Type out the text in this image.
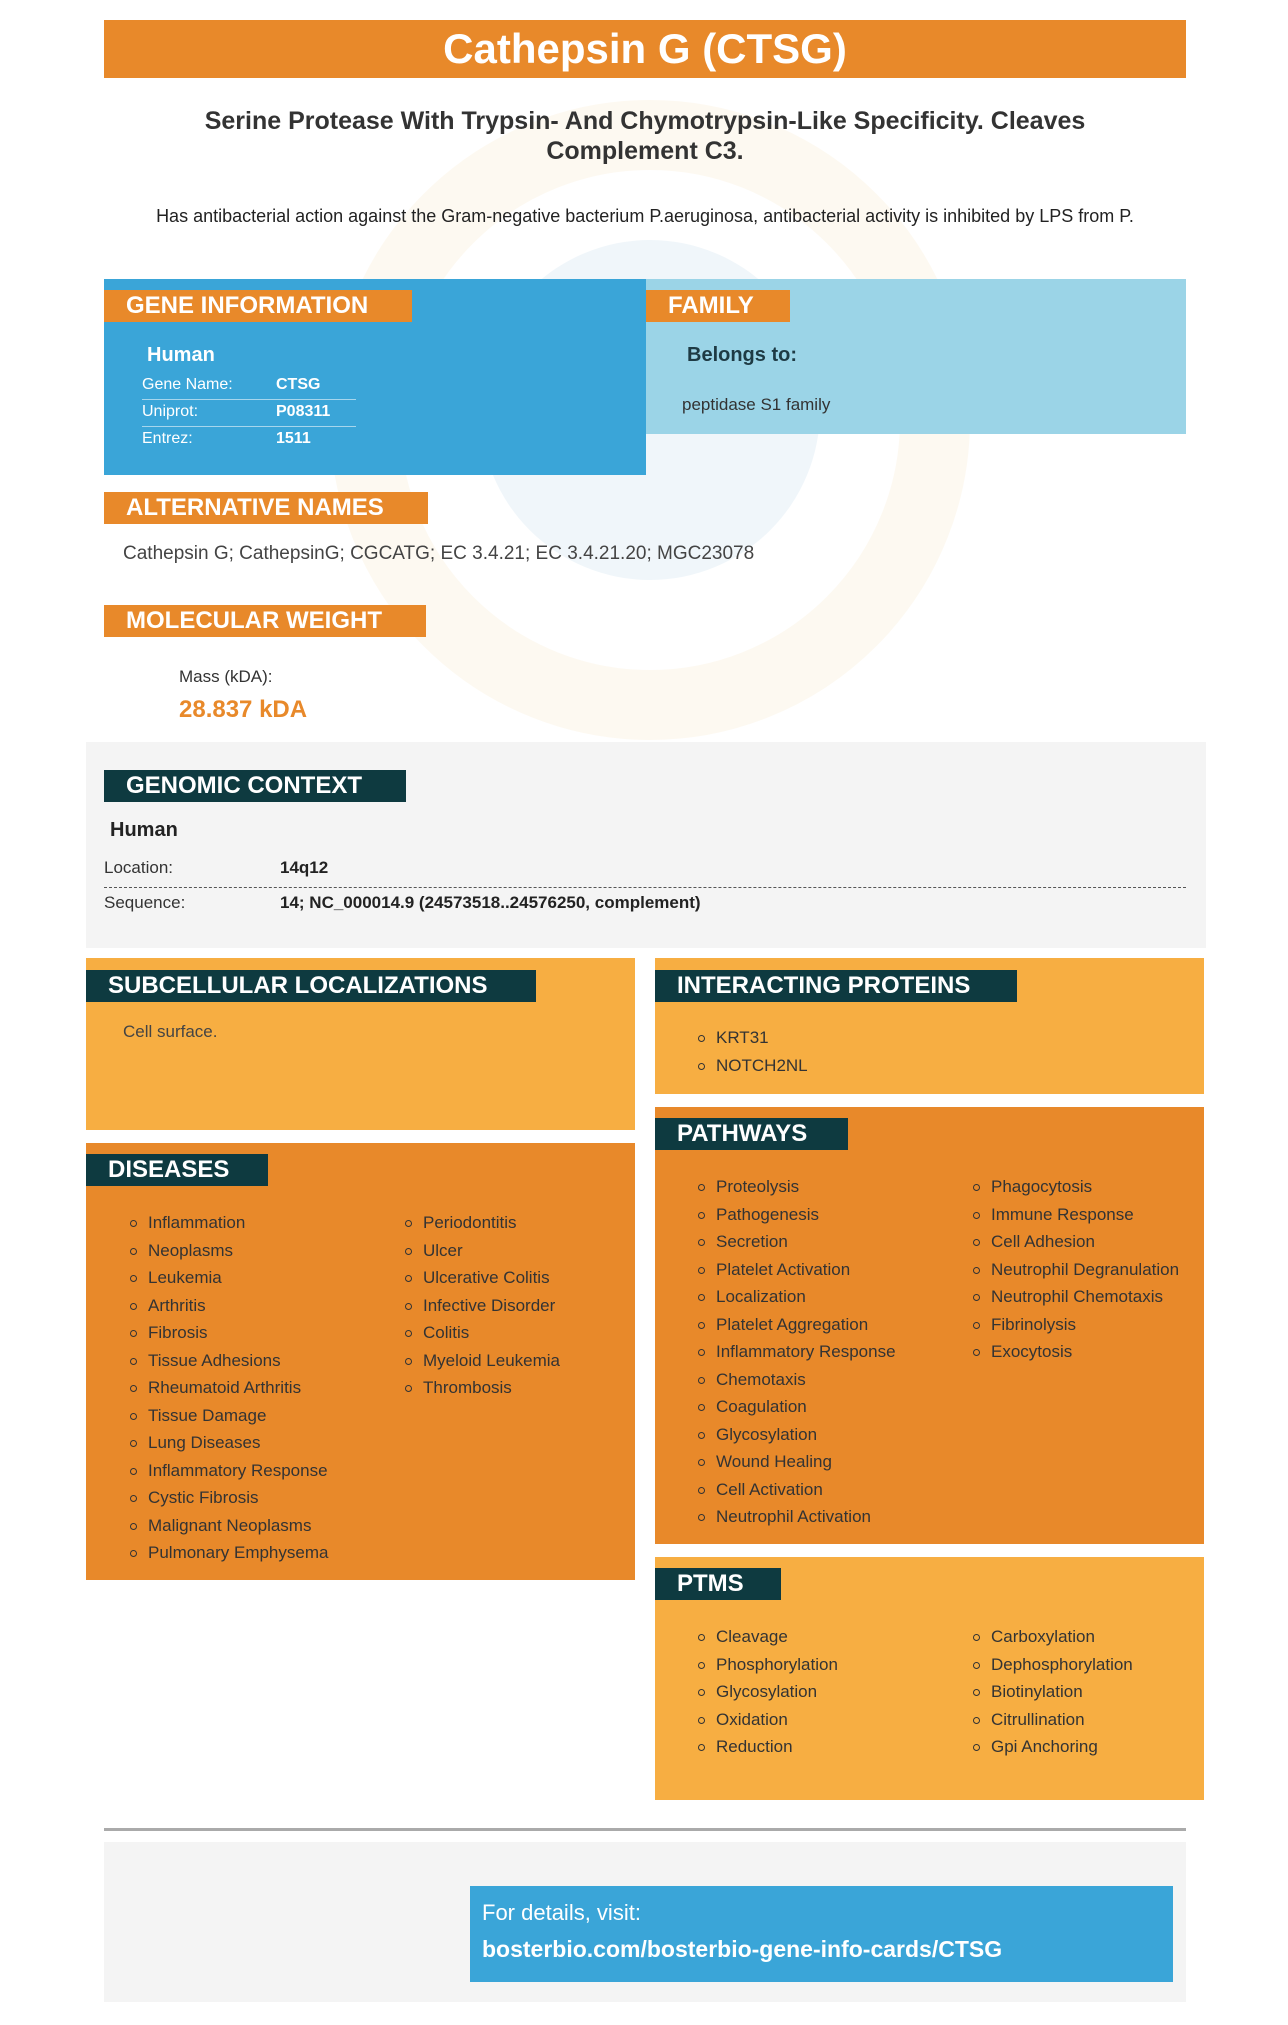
Cathepsin G (CTSG)
Serine Protease With Trypsin- And Chymotrypsin-Like Specificity. Cleaves Complement C3.
Has antibacterial action against the Gram-negative bacterium P.aeruginosa, antibacterial activity is inhibited by LPS from P.
GENE INFORMATION
Human
Gene Name:	CTSG
Uniprot:	P08311
Entrez:	1511
FAMILY
Belongs to:
peptidase S1 family
ALTERNATIVE NAMES
Cathepsin G; CathepsinG; CGCATG; EC 3.4.21; EC 3.4.21.20; MGC23078
MOLECULAR WEIGHT
Mass (kDA):
28.837 kDA
GENOMIC CONTEXT
Human
Location:	14q12
Sequence:	14; NC_000014.9 (24573518..24576250, complement)
SUBCELLULAR LOCALIZATIONS
Cell surface.
INTERACTING PROTEINS
KRT31
NOTCH2NL
DISEASES
Inflammation
Neoplasms
Leukemia
Arthritis
Fibrosis
Tissue Adhesions
Rheumatoid Arthritis
Tissue Damage
Lung Diseases
Inflammatory Response
Cystic Fibrosis
Malignant Neoplasms
Pulmonary Emphysema
Periodontitis
Ulcer
Ulcerative Colitis
Infective Disorder
Colitis
Myeloid Leukemia
Thrombosis
PATHWAYS
Proteolysis
Pathogenesis
Secretion
Platelet Activation
Localization
Platelet Aggregation
Inflammatory Response
Chemotaxis
Coagulation
Glycosylation
Wound Healing
Cell Activation
Neutrophil Activation
Phagocytosis
Immune Response
Cell Adhesion
Neutrophil Degranulation
Neutrophil Chemotaxis
Fibrinolysis
Exocytosis
PTMS
Cleavage
Phosphorylation
Glycosylation
Oxidation
Reduction
Carboxylation
Dephosphorylation
Biotinylation
Citrullination
Gpi Anchoring
For details, visit:
bosterbio.com/bosterbio-gene-info-cards/CTSG
